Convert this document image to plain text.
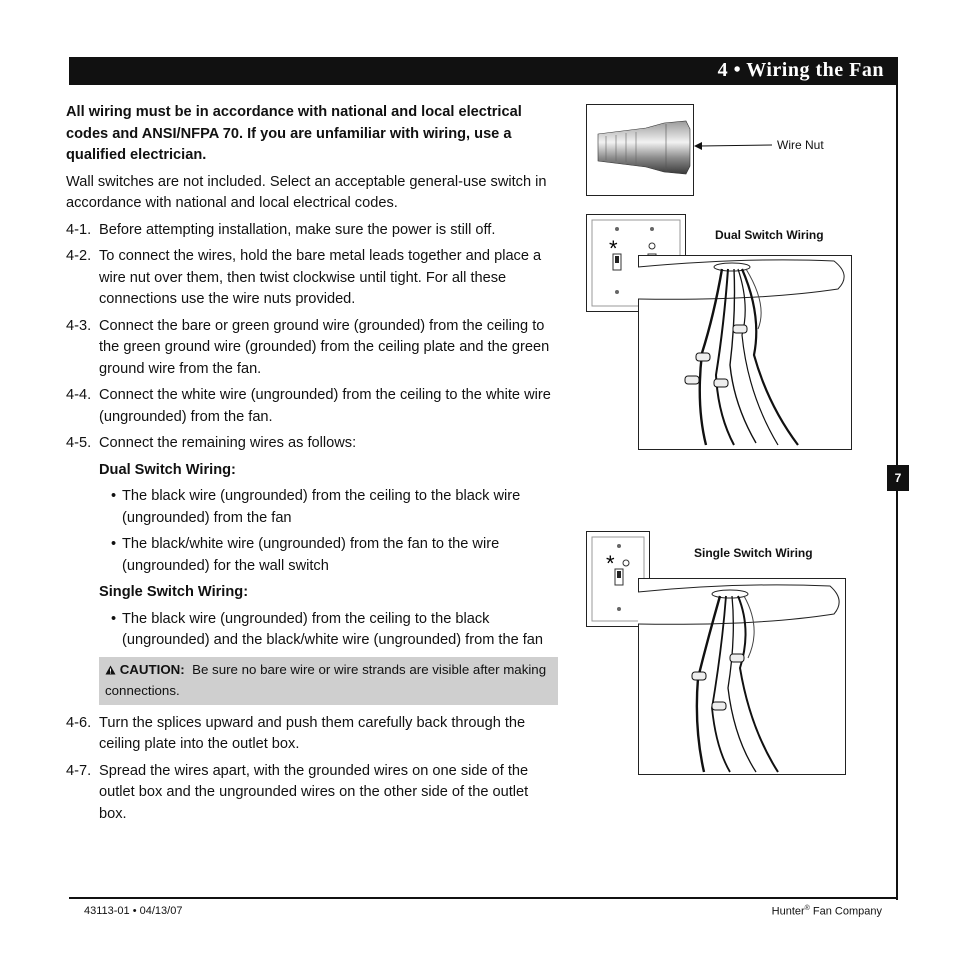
4 • Wiring the Fan
7

All wiring must be in accordance with national and local electrical codes and ANSI/NFPA 70. If you are unfamiliar with wiring, use a qualified electrician.

Wall switches are not included. Select an acceptable general-use switch in accordance with national and local electrical codes.

4-1. Before attempting installation, make sure the power is still off.
4-2. To connect the wires, hold the bare metal leads together and place a wire nut over them, then twist clockwise until tight. For all these connections use the wire nuts provided.
4-3. Connect the bare or green ground wire (grounded) from the ceiling to the green ground wire (grounded) from the ceiling plate and the green ground wire from the fan.
4-4. Connect the white wire (ungrounded) from the ceiling to the white wire (ungrounded) from the fan.
4-5. Connect the remaining wires as follows:
Dual Switch Wiring:
• The black wire (ungrounded) from the ceiling to the black wire (ungrounded) from the fan
• The black/white wire (ungrounded) from the fan to the wire (ungrounded) for the wall switch
Single Switch Wiring:
• The black wire (ungrounded) from the ceiling to the black (ungrounded) and the black/white wire (ungrounded) from the fan
CAUTION: Be sure no bare wire or wire strands are visible after making connections.
4-6. Turn the splices upward and push them carefully back through the ceiling plate into the outlet box.
4-7. Spread the wires apart, with the grounded wires on one side of the outlet box and the ungrounded wires on the other side of the outlet box.
Wire Nut
Dual Switch Wiring
*
Single Switch Wiring
*
43113-01 • 04/13/07	Hunter® Fan Company
